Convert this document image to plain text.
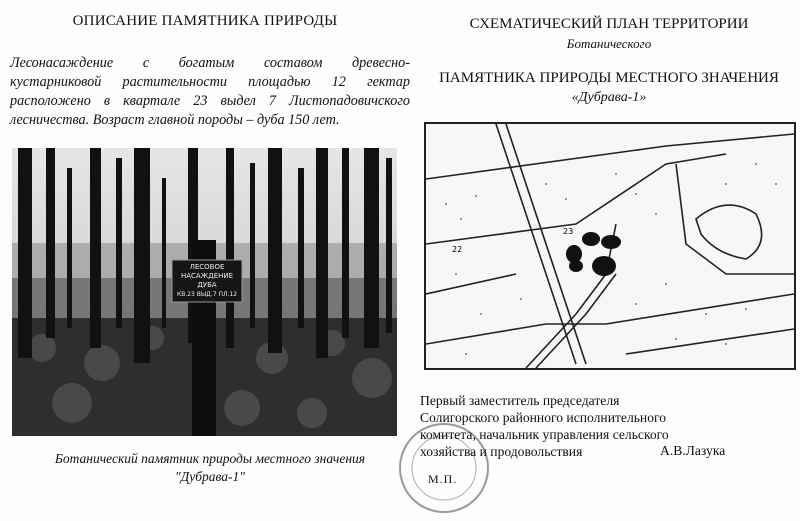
ОПИСАНИЕ ПАМЯТНИКА ПРИРОДЫ
Лесонасаждение с богатым составом древесно-
кустарниковой растительности площадью 12 гектар
расположено в квартале 23 выдел 7 Листопадовичского
лесничества. Возраст главной породы – дуба 150 лет.
ЛЕСОВОЕ
НАСАЖДЕНИЕ
ДУБА
КВ.23 ВЫД.7 ПЛ.12
Ботанический памятник природы местного значения
"Дубрава-1"
СХЕМАТИЧЕСКИЙ ПЛАН ТЕРРИТОРИИ
Ботанического
ПАМЯТНИКА ПРИРОДЫ МЕСТНОГО ЗНАЧЕНИЯ
«Дубрава-1»
23
22
Первый заместитель председателя
Солигорского районного исполнительного
комитета, начальник управления сельского
хозяйства и продовольствия	А.В.Лазука
М.П.
